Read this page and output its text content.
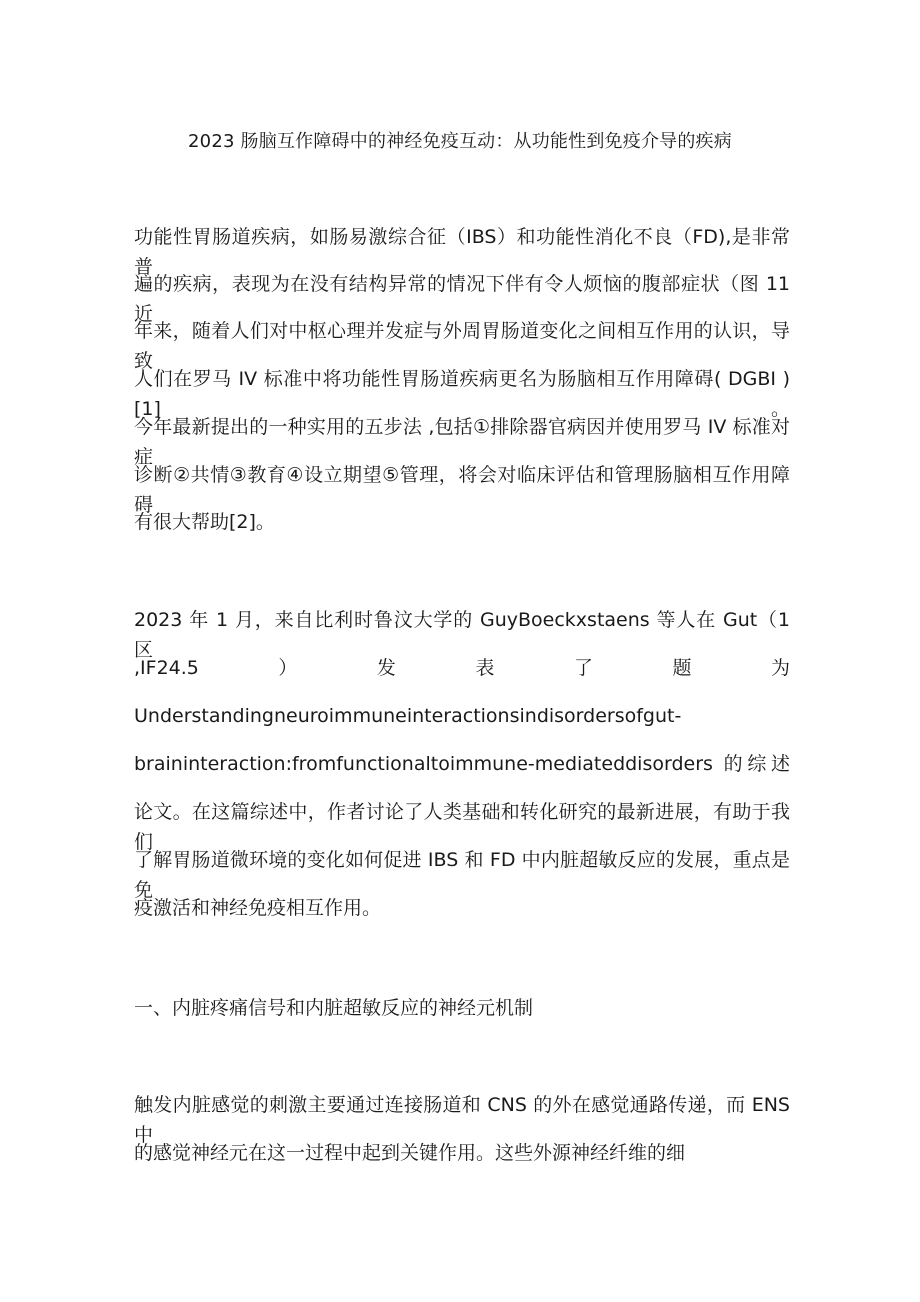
2023 肠脑互作障碍中的神经免疫互动：从功能性到免疫介导的疾病
功能性胃肠道疾病，如肠易激综合征（IBS）和功能性消化不良（FD),是非常普
遍的疾病，表现为在没有结构异常的情况下伴有令人烦恼的腹部症状（图 11 近
年来，随着人们对中枢心理并发症与外周胃肠道变化之间相互作用的认识，导致
人们在罗马 IV 标准中将功能性胃肠道疾病更名为肠脑相互作用障碍( DGBI )[1]。
今年最新提出的一种实用的五步法 ,包括①排除器官病因并使用罗马 IV 标准对症
诊断②共情③教育④设立期望⑤管理，将会对临床评估和管理肠脑相互作用障碍
有很大帮助[2]。
2023 年 1 月，来自比利时鲁汶大学的 GuyBoeckxstaens 等人在 Gut（1 区
,IF24.5	）	发	表	了	题	为
Understandingneuroimmuneinteractionsindisordersofgut-
braininteraction:fromfunctionaltoimmune-mediateddisorders 的综述
论文。在这篇综述中，作者讨论了人类基础和转化研究的最新进展，有助于我们
了解胃肠道微环境的变化如何促进 IBS 和 FD 中内脏超敏反应的发展，重点是免
疫激活和神经免疫相互作用。
一、内脏疼痛信号和内脏超敏反应的神经元机制
触发内脏感觉的刺激主要通过连接肠道和 CNS 的外在感觉通路传递，而 ENS 中
的感觉神经元在这一过程中起到关键作用。这些外源神经纤维的细
